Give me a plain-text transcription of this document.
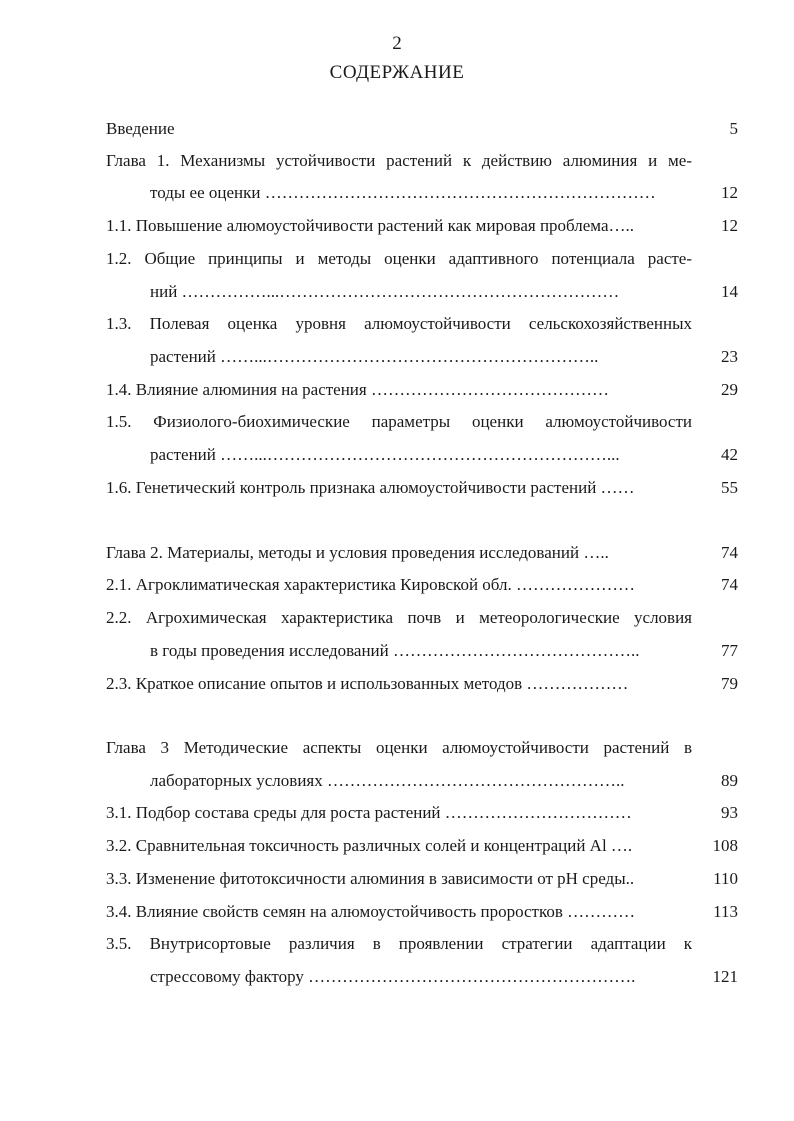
2
СОДЕРЖАНИЕ
Введение	5
Глава 1. Механизмы устойчивости растений к действию алюминия и ме-
тоды ее оценки ……………………………………………………………	12
1.1. Повышение алюмоустойчивости растений как мировая проблема…..	12
1.2. Общие принципы и методы оценки адаптивного потенциала расте-
ний ……………...……………………………………………………	14
1.3. Полевая оценка уровня алюмоустойчивости сельскохозяйственных
растений ……...…………………………………………………..	23
1.4. Влияние алюминия на растения ……………………………………	29
1.5. Физиолого-биохимические параметры оценки алюмоустойчивости
растений ……...……………………………………………………...	42
1.6. Генетический контроль признака алюмоустойчивости растений ……	55
Глава 2. Материалы, методы и условия проведения исследований …..	74
2.1. Агроклиматическая характеристика Кировской обл. …………………	74
2.2. Агрохимическая характеристика почв и метеорологические условия
в годы проведения исследований ……………………………………..	77
2.3. Краткое описание опытов и использованных методов ………………	79
Глава 3 Методические аспекты оценки алюмоустойчивости растений в
лабораторных условиях ……………………………………………..	89
3.1. Подбор состава среды для роста растений ……………………………	93
3.2. Сравнительная токсичность различных солей и концентраций Al ….	108
3.3. Изменение фитотоксичности алюминия в зависимости от pH среды..	110
3.4. Влияние свойств семян на алюмоустойчивость проростков …………	113
3.5. Внутрисортовые различия в проявлении стратегии адаптации к
стрессовому фактору ………………………………………………….	121
